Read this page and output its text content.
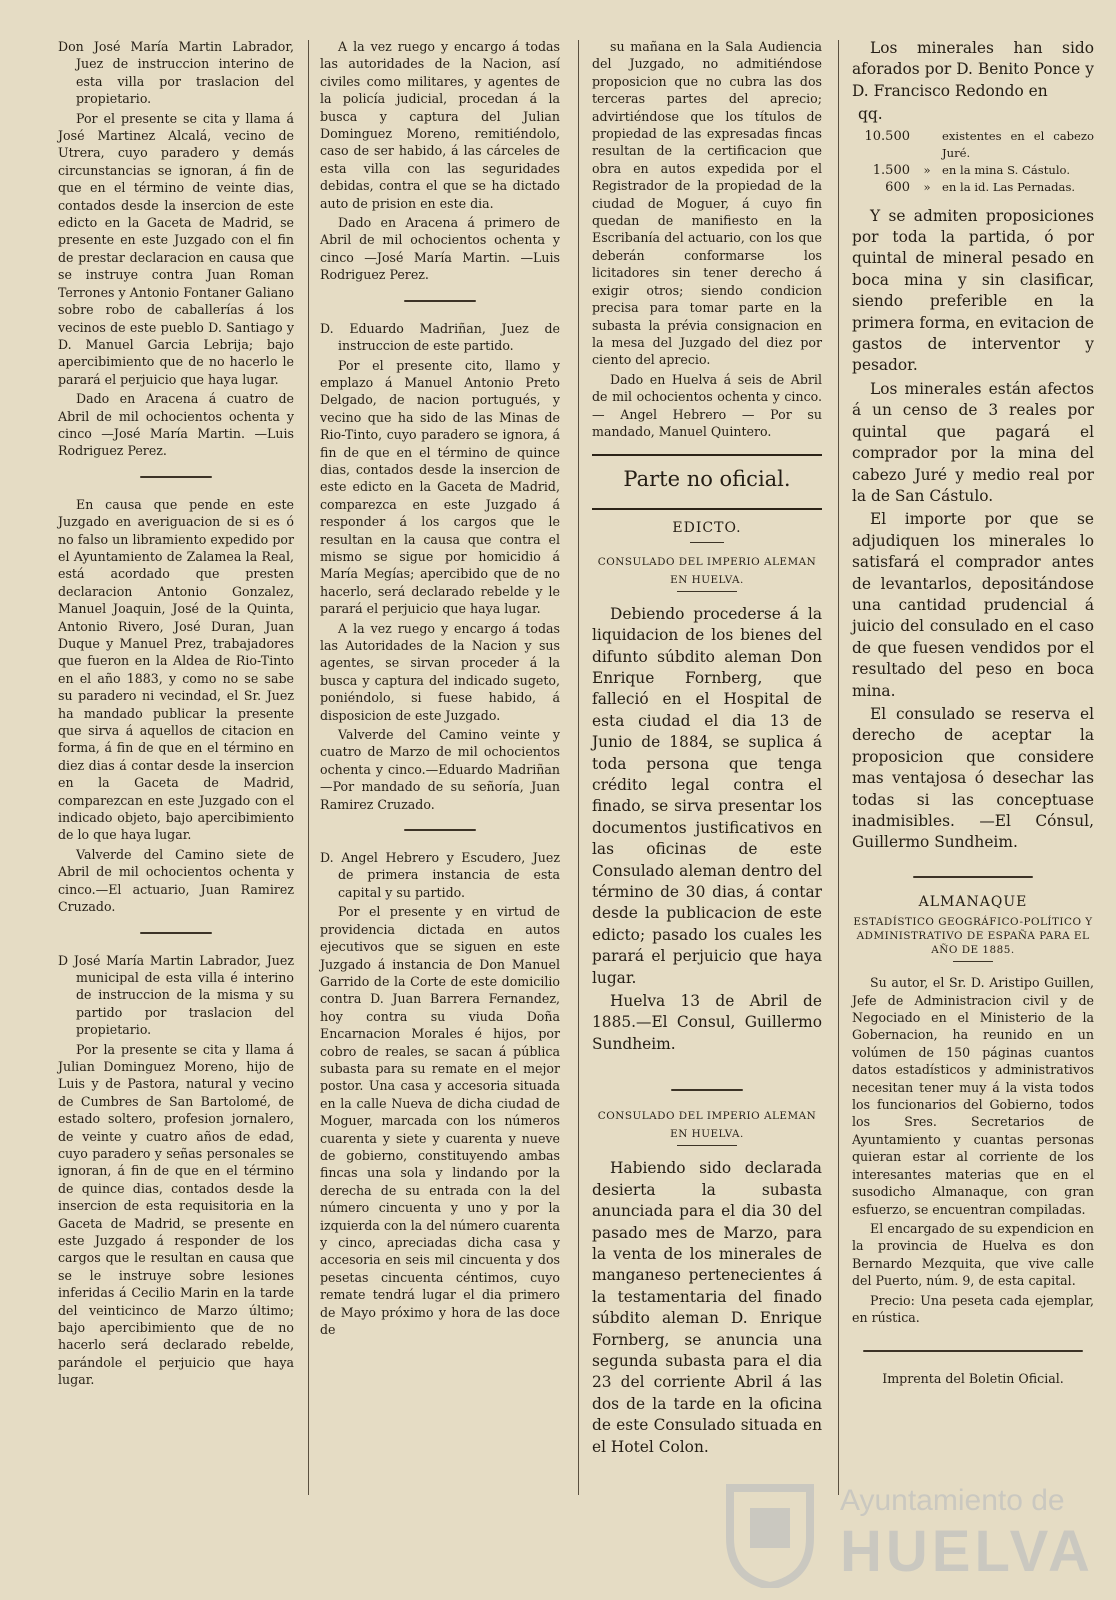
Don José María Martin Labrador, Juez de instruccion interino de esta villa por traslacion del propietario.

Por el presente se cita y llama á José Martinez Alcalá, vecino de Utrera, cuyo paradero y demás circunstancias se ignoran, á fin de que en el término de veinte dias, contados desde la insercion de este edicto en la Gaceta de Madrid, se presente en este Juzgado con el fin de prestar declaracion en causa que se instruye contra Juan Roman Terrones y Antonio Fontaner Galiano sobre robo de caballerías á los vecinos de este pueblo D. Santiago y D. Manuel Garcia Lebrija; bajo apercibimiento que de no hacerlo le parará el perjuicio que haya lugar.

Dado en Aracena á cuatro de Abril de mil ochocientos ochenta y cinco —José María Martin. —Luis Rodriguez Perez.

En causa que pende en este Juzgado en averiguacion de si es ó no falso un libramiento expedido por el Ayuntamiento de Zalamea la Real, está acordado que presten declaracion Antonio Gonzalez, Manuel Joaquin, José de la Quinta, Antonio Rivero, José Duran, Juan Duque y Manuel Prez, trabajadores que fueron en la Aldea de Rio-Tinto en el año 1883, y como no se sabe su paradero ni vecindad, el Sr. Juez ha mandado publicar la presente que sirva á aquellos de citacion en forma, á fin de que en el término en diez dias á contar desde la insercion en la Gaceta de Madrid, comparezcan en este Juzgado con el indicado objeto, bajo apercibimiento de lo que haya lugar.

Valverde del Camino siete de Abril de mil ochocientos ochenta y cinco.—El actuario, Juan Ramirez Cruzado.

D José María Martin Labrador, Juez municipal de esta villa é interino de instruccion de la misma y su partido por traslacion del propietario.

Por la presente se cita y llama á Julian Dominguez Moreno, hijo de Luis y de Pastora, natural y vecino de Cumbres de San Bartolomé, de estado soltero, profesion jornalero, de veinte y cuatro años de edad, cuyo paradero y señas personales se ignoran, á fin de que en el término de quince dias, contados desde la insercion de esta requisitoria en la Gaceta de Madrid, se presente en este Juzgado á responder de los cargos que le resultan en causa que se le instruye sobre lesiones inferidas á Cecilio Marin en la tarde del veinticinco de Marzo último; bajo apercibimiento que de no hacerlo será declarado rebelde, parándole el perjuicio que haya lugar.

A la vez ruego y encargo á todas las autoridades de la Nacion, así civiles como militares, y agentes de la policía judicial, procedan á la busca y captura del Julian Dominguez Moreno, remitiéndolo, caso de ser habido, á las cárceles de esta villa con las seguridades debidas, contra el que se ha dictado auto de prision en este dia.

Dado en Aracena á primero de Abril de mil ochocientos ochenta y cinco —José María Martin. —Luis Rodriguez Perez.

D. Eduardo Madriñan, Juez de instruccion de este partido.

Por el presente cito, llamo y emplazo á Manuel Antonio Preto Delgado, de nacion portugués, y vecino que ha sido de las Minas de Rio-Tinto, cuyo paradero se ignora, á fin de que en el término de quince dias, contados desde la insercion de este edicto en la Gaceta de Madrid, comparezca en este Juzgado á responder á los cargos que le resultan en la causa que contra el mismo se sigue por homicidio á María Megías; apercibido que de no hacerlo, será declarado rebelde y le parará el perjuicio que haya lugar.

A la vez ruego y encargo á todas las Autoridades de la Nacion y sus agentes, se sirvan proceder á la busca y captura del indicado sugeto, poniéndolo, si fuese habido, á disposicion de este Juzgado.

Valverde del Camino veinte y cuatro de Marzo de mil ochocientos ochenta y cinco.—Eduardo Madriñan —Por mandado de su señoría, Juan Ramirez Cruzado.

D. Angel Hebrero y Escudero, Juez de primera instancia de esta capital y su partido.

Por el presente y en virtud de providencia dictada en autos ejecutivos que se siguen en este Juzgado á instancia de Don Manuel Garrido de la Corte de este domicilio contra D. Juan Barrera Fernandez, hoy contra su viuda Doña Encarnacion Morales é hijos, por cobro de reales, se sacan á pública subasta para su remate en el mejor postor. Una casa y accesoria situada en la calle Nueva de dicha ciudad de Moguer, marcada con los números cuarenta y siete y cuarenta y nueve de gobierno, constituyendo ambas fincas una sola y lindando por la derecha de su entrada con la del número cincuenta y uno y por la izquierda con la del número cuarenta y cinco, apreciadas dicha casa y accesoria en seis mil cincuenta y dos pesetas cincuenta céntimos, cuyo remate tendrá lugar el dia primero de Mayo próximo y hora de las doce de

su mañana en la Sala Audiencia del Juzgado, no admitiéndose proposicion que no cubra las dos terceras partes del aprecio; advirtiéndose que los títulos de propiedad de las expresadas fincas resultan de la certificacion que obra en autos expedida por el Registrador de la propiedad de la ciudad de Moguer, á cuyo fin quedan de manifiesto en la Escribanía del actuario, con los que deberán conformarse los licitadores sin tener derecho á exigir otros; siendo condicion precisa para tomar parte en la subasta la prévia consignacion en la mesa del Juzgado del diez por ciento del aprecio.

Dado en Huelva á seis de Abril de mil ochocientos ochenta y cinco.— Angel Hebrero — Por su mandado, Manuel Quintero.

Parte no oficial.
EDICTO.
CONSULADO DEL IMPERIO ALEMAN
EN HUELVA.

Debiendo procederse á la liquidacion de los bienes del difunto súbdito aleman Don Enrique Fornberg, que falleció en el Hospital de esta ciudad el dia 13 de Junio de 1884, se suplica á toda persona que tenga crédito legal contra el finado, se sirva presentar los documentos justificativos en las oficinas de este Consulado aleman dentro del término de 30 dias, á contar desde la publicacion de este edicto; pasado los cuales les parará el perjuicio que haya lugar.

Huelva 13 de Abril de 1885.—El Consul, Guillermo Sundheim.

CONSULADO DEL IMPERIO ALEMAN
EN HUELVA.

Habiendo sido declarada desierta la subasta anunciada para el dia 30 del pasado mes de Marzo, para la venta de los minerales de manganeso pertenecientes á la testamentaria del finado súbdito aleman D. Enrique Fornberg, se anuncia una segunda subasta para el dia 23 del corriente Abril á las dos de la tarde en la oficina de este Consulado situada en el Hotel Colon.

Los minerales han sido aforados por D. Benito Ponce y D. Francisco Redondo en

qq.

10.500	existentes en el cabezo Juré.
1.500	» en la mina S. Cástulo.
600	» en la id. Las Pernadas.

Y se admiten proposiciones por toda la partida, ó por quintal de mineral pesado en boca mina y sin clasificar, siendo preferible en la primera forma, en evitacion de gastos de interventor y pesador.

Los minerales están afectos á un censo de 3 reales por quintal que pagará el comprador por la mina del cabezo Juré y medio real por la de San Cástulo.

El importe por que se adjudiquen los minerales lo satisfará el comprador antes de levantarlos, depositándose una cantidad prudencial á juicio del consulado en el caso de que fuesen vendidos por el resultado del peso en boca mina.

El consulado se reserva el derecho de aceptar la proposicion que considere mas ventajosa ó desechar las todas si las conceptuase inadmisibles. —El Cónsul, Guillermo Sundheim.

ALMANAQUE
ESTADÍSTICO GEOGRÁFICO-POLÍTICO Y ADMINISTRATIVO DE ESPAÑA PARA EL AÑO DE 1885.

Su autor, el Sr. D. Aristipo Guillen, Jefe de Administracion civil y de Negociado en el Ministerio de la Gobernacion, ha reunido en un volúmen de 150 páginas cuantos datos estadísticos y administrativos necesitan tener muy á la vista todos los funcionarios del Gobierno, todos los Sres. Secretarios de Ayuntamiento y cuantas personas quieran estar al corriente de los interesantes materias que en el susodicho Almanaque, con gran esfuerzo, se encuentran compiladas.

El encargado de su expendicion en la provincia de Huelva es don Bernardo Mezquita, que vive calle del Puerto, núm. 9, de esta capital.

Precio: Una peseta cada ejemplar, en rústica.

Imprenta del Boletin Oficial.
Ayuntamiento de
HUELVA
